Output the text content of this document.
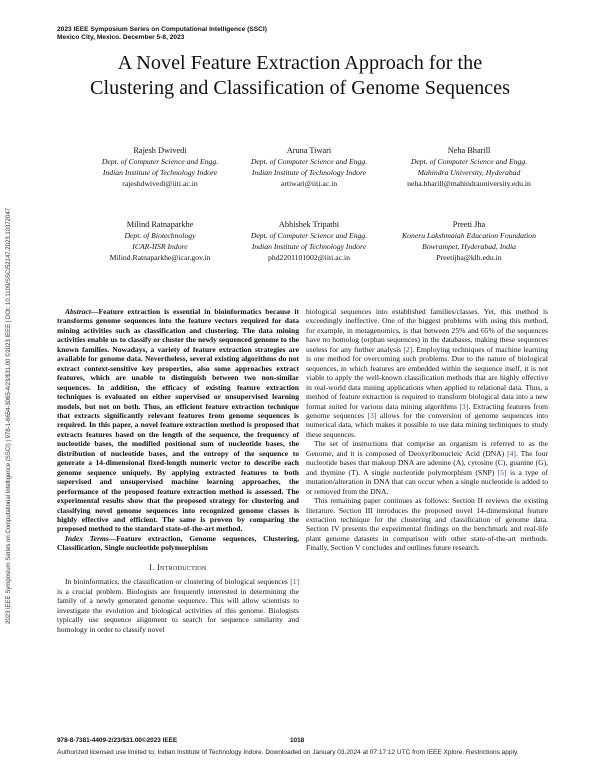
2023 IEEE Symposium Series on Computational Intelligence (SSCI)
Mexico City, Mexico. December 5-8, 2023
A Novel Feature Extraction Approach for the
Clustering and Classification of Genome Sequences
Rajesh Dwivedi
Dept. of Computer Science and Engg.
Indian Institute of Technology Indore
rajeshdwivedi@iiti.ac.in
Aruna Tiwari
Dept. of Computer Science and Engg.
Indian Institute of Technology Indore
artiwari@iiti.ac.in
Neha Bharill
Dept. of Computer Science and Engg.
Mahindra University, Hyderabad
neha.bharill@mahindrauniversity.edu.in
Milind Ratnaparkhe
Dept. of Biotechnology
ICAR-IISR Indore
Milind.Ratnaparkhe@icar.gov.in
Abhishek Tripathi
Dept. of Computer Science and Engg.
Indian Institute of Technology Indore
phd2201101002@iiti.ac.in
Preeti Jha
Koneru Lakshmaiah Education Foundation
Bowrampet, Hyderabad, India
Preetijha@klh.edu.in
2023 IEEE Symposium Series on Computational Intelligence (SSCI) | 978-1-6654-3065-4/23/$31.00 ©2023 IEEE | DOI: 10.1109/SSCI52147.2023.10372047	Abstract—Feature extraction is essential in bioinformatics because it transforms genome sequences into the feature vectors required for data mining activities such as classification and clustering. The data mining activities enable us to classify or cluster the newly sequenced genome to the known families. Nowadays, a variety of feature extraction strategies are available for genome data. Nevertheless, several existing algorithms do not extract context-sensitive key properties, also some approaches extract features, which are unable to distinguish between two non-similar sequences. In addition, the efficacy of existing feature extraction techniques is evaluated on either supervised or unsupervised learning models, but not on both. Thus, an efficient feature extraction technique that extracts significantly relevant features from genome sequences is required. In this paper, a novel feature extraction method is proposed that extracts features based on the length of the sequence, the frequency of nucleotide bases, the modified positional sum of nucleotide bases, the distribution of nucleotide bases, and the entropy of the sequence to generate a 14-dimensional fixed-length numeric vector to describe each genome sequence uniquely. By applying extracted features to both supervised and unsupervised machine learning approaches, the performance of the proposed feature extraction method is assessed. The experimental results show that the proposed strategy for clustering and classifying novel genome sequences into recognized genome classes is highly effective and efficient. The same is proven by comparing the proposed method to the standard state-of-the-art method.

Index Terms—Feature extraction, Genome sequences, Clustering, Classification, Single nucleotide polymorphism

I. Introduction

In bioinformatics, the classification or clustering of biological sequences [1] is a crucial problem. Biologists are frequently interested in determining the family of a newly generated genome sequence. This will allow scientists to investigate the evolution and biological activities of this genome. Biologists typically use sequence alignment to search for sequence similarity and homology in order to classify novel

biological sequences into established families/classes. Yet, this method is exceedingly ineffective. One of the biggest problems with using this method, for example, in metagenomics, is that between 25% and 65% of the sequences have no homolog (orphan sequences) in the databases, making these sequences useless for any further analysis [2]. Employing techniques of machine learning is one method for overcoming such problems. Due to the nature of biological sequences, in which features are embedded within the sequence itself, it is not viable to apply the well-known classification methods that are highly effective in real-world data mining applications when applied to relational data. Thus, a method of feature extraction is required to transform biological data into a new format suited for various data mining algorithms [3]. Extracting features from genome sequences [3] allows for the conversion of genome sequences into numerical data, which makes it possible to use data mining techniques to study these sequences.

The set of instructions that comprise an organism is referred to as the Genome, and it is composed of Deoxyribonucleic Acid (DNA) [4]. The four nucleotide bases that makeup DNA are adenine (A), cytosine (C), guanine (G), and thymine (T). A single nucleotide polymorphism (SNP) [5] is a type of mutation/alteration in DNA that can occur when a single nucleotide is added to or removed from the DNA.

This remaining paper continues as follows: Section II reviews the existing literature. Section III introduces the proposed novel 14-dimensional feature extraction technique for the clustering and classification of genome data. Section IV presents the experimental findings on the benchmark and real-life plant genome datasets in comparison with other state-of-the-art methods. Finally, Section V concludes and outlines future research.

978-8-7381-4409-2/23/$31.00©2023 IEEE	1018
Authorized licensed use limited to: Indian Institute of Technology Indore. Downloaded on January 03,2024 at 07:17:12 UTC from IEEE Xplore. Restrictions apply.
